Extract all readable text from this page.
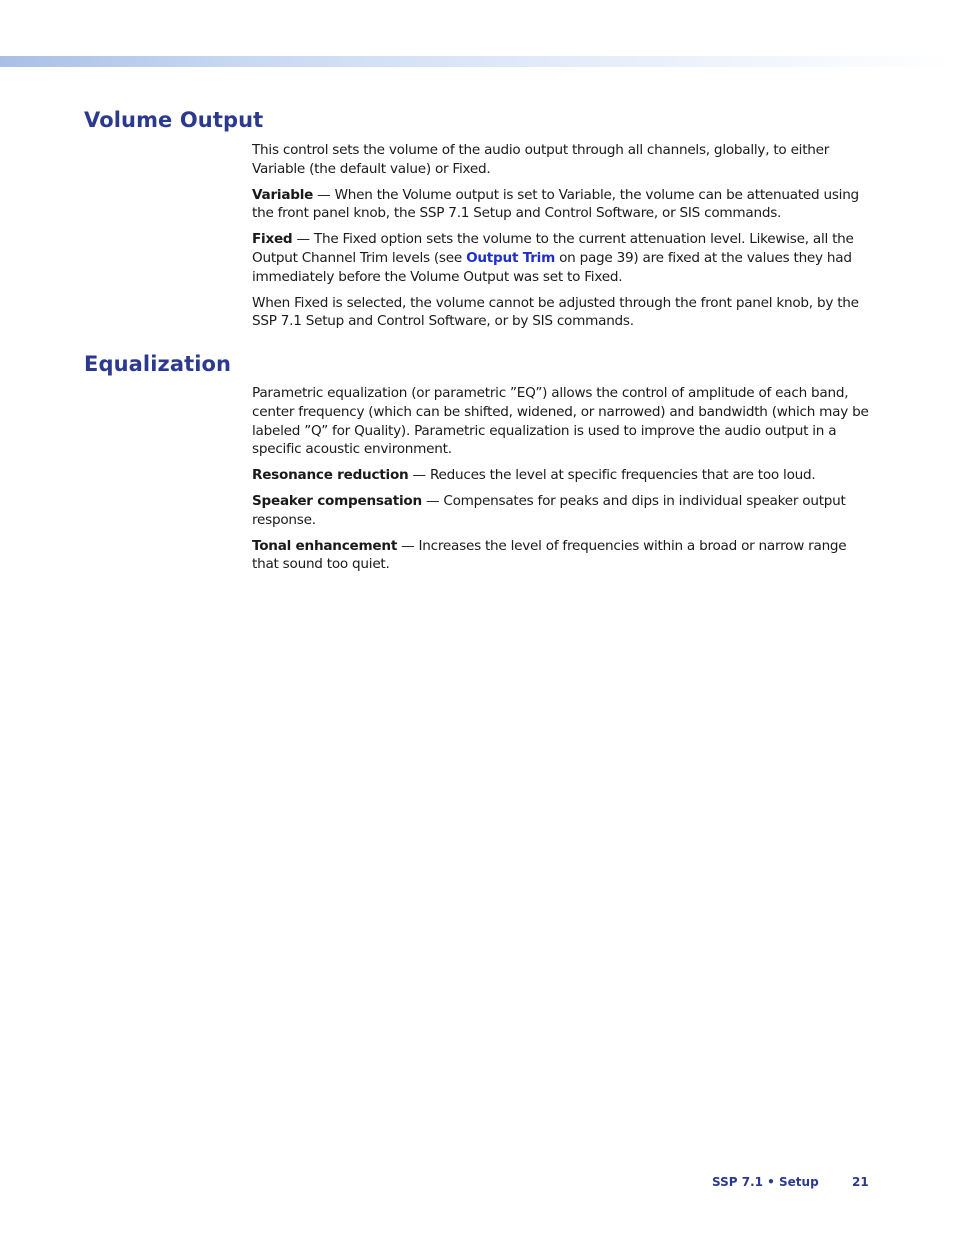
Volume Output

This control sets the volume of the audio output through all channels, globally, to either Variable (the default value) or Fixed.

Variable — When the Volume output is set to Variable, the volume can be attenuated using the front panel knob, the SSP 7.1 Setup and Control Software, or SIS commands.

Fixed — The Fixed option sets the volume to the current attenuation level. Likewise, all the Output Channel Trim levels (see Output Trim on page 39) are fixed at the values they had immediately before the Volume Output was set to Fixed.

When Fixed is selected, the volume cannot be adjusted through the front panel knob, by the SSP 7.1 Setup and Control Software, or by SIS commands.

Equalization

Parametric equalization (or parametric ”EQ”) allows the control of amplitude of each band, center frequency (which can be shifted, widened, or narrowed) and bandwidth (which may be labeled ”Q” for Quality). Parametric equalization is used to improve the audio output in a specific acoustic environment.

Resonance reduction — Reduces the level at specific frequencies that are too loud.

Speaker compensation — Compensates for peaks and dips in individual speaker output response.

Tonal enhancement — Increases the level of frequencies within a broad or narrow range that sound too quiet.

SSP 7.1 • Setup	21
